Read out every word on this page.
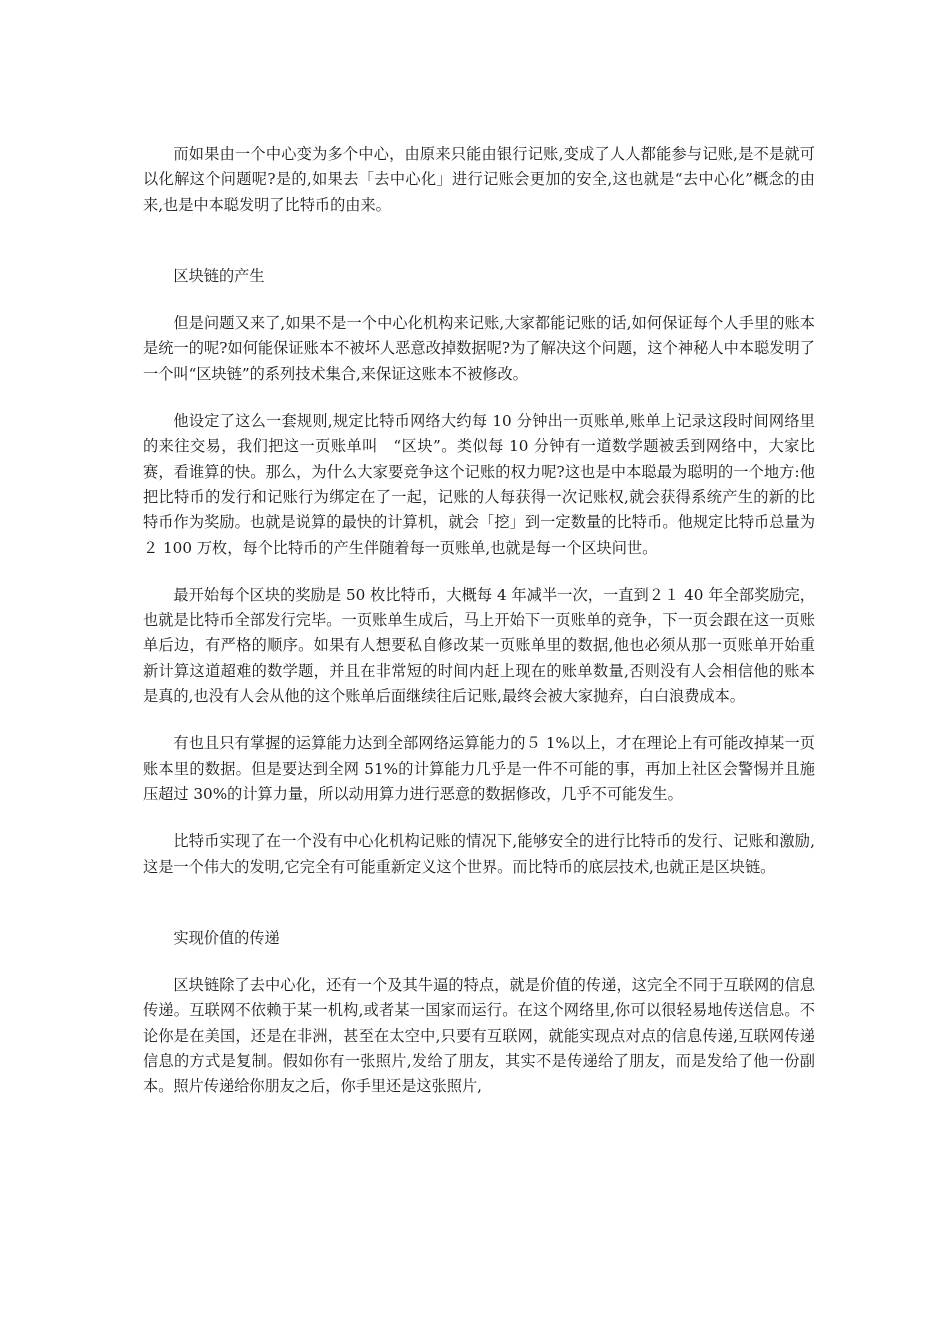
而如果由一个中心变为多个中心，由原来只能由银行记账,变成了人人都能参与记账,是不是就可以化解这个问题呢?是的,如果去「去中心化」进行记账会更加的安全,这也就是“去中心化”概念的由来,也是中本聪发明了比特币的由来。

区块链的产生

但是问题又来了,如果不是一个中心化机构来记账,大家都能记账的话,如何保证每个人手里的账本是统一的呢?如何能保证账本不被坏人恶意改掉数据呢?为了解决这个问题，这个神秘人中本聪发明了一个叫“区块链”的系列技术集合,来保证这账本不被修改。

他设定了这么一套规则,规定比特币网络大约每 10 分钟出一页账单,账单上记录这段时间网络里的来往交易，我们把这一页账单叫　“区块”。类似每 10 分钟有一道数学题被丢到网络中，大家比赛，看谁算的快。那么，为什么大家要竞争这个记账的权力呢?这也是中本聪最为聪明的一个地方:他把比特币的发行和记账行为绑定在了一起，记账的人每获得一次记账权,就会获得系统产生的新的比特币作为奖励。也就是说算的最快的计算机，就会「挖」到一定数量的比特币。他规定比特币总量为２ 100 万枚，每个比特币的产生伴随着每一页账单,也就是每一个区块问世。

最开始每个区块的奖励是 50 枚比特币，大概每 4 年减半一次，一直到２１ 40 年全部奖励完，也就是比特币全部发行完毕。一页账单生成后，马上开始下一页账单的竞争，下一页会跟在这一页账单后边，有严格的顺序。如果有人想要私自修改某一页账单里的数据,他也必须从那一页账单开始重新计算这道超难的数学题，并且在非常短的时间内赶上现在的账单数量,否则没有人会相信他的账本是真的,也没有人会从他的这个账单后面继续往后记账,最终会被大家抛弃，白白浪费成本。

有也且只有掌握的运算能力达到全部网络运算能力的５ 1%以上，才在理论上有可能改掉某一页账本里的数据。但是要达到全网 51%的计算能力几乎是一件不可能的事，再加上社区会警惕并且施压超过 30%的计算力量，所以动用算力进行恶意的数据修改，几乎不可能发生。

比特币实现了在一个没有中心化机构记账的情况下,能够安全的进行比特币的发行、记账和激励,这是一个伟大的发明,它完全有可能重新定义这个世界。而比特币的底层技术,也就正是区块链。

实现价值的传递

区块链除了去中心化，还有一个及其牛逼的特点，就是价值的传递，这完全不同于互联网的信息传递。互联网不依赖于某一机构,或者某一国家而运行。在这个网络里,你可以很轻易地传送信息。不论你是在美国，还是在非洲，甚至在太空中,只要有互联网，就能实现点对点的信息传递,互联网传递信息的方式是复制。假如你有一张照片,发给了朋友，其实不是传递给了朋友，而是发给了他一份副本。照片传递给你朋友之后，你手里还是这张照片,
